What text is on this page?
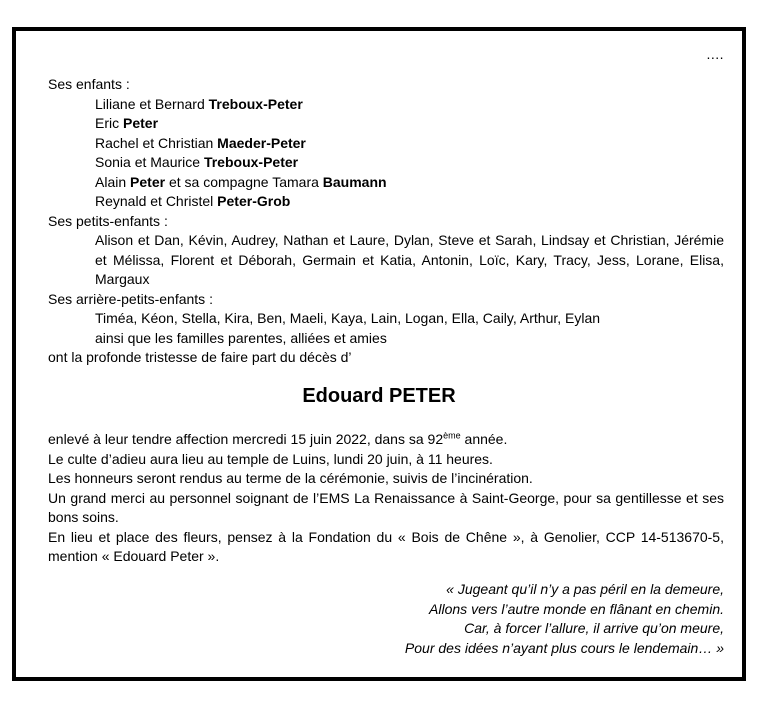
....
Ses enfants :
Liliane et Bernard Treboux-Peter
Eric Peter
Rachel et Christian Maeder-Peter
Sonia et Maurice Treboux-Peter
Alain Peter et sa compagne Tamara Baumann
Reynald et Christel Peter-Grob
Ses petits-enfants :
Alison et Dan, Kévin, Audrey, Nathan et Laure, Dylan, Steve et Sarah, Lindsay et Christian, Jérémie et Mélissa, Florent et Déborah, Germain et Katia, Antonin, Loïc, Kary, Tracy, Jess, Lorane, Elisa, Margaux
Ses arrière-petits-enfants :
Timéa, Kéon, Stella, Kira, Ben, Maeli, Kaya, Lain, Logan, Ella, Caily, Arthur, Eylan
ainsi que les familles parentes, alliées et amies
ont la profonde tristesse de faire part du décès d’
Edouard PETER
enlevé à leur tendre affection mercredi 15 juin 2022, dans sa 92ème année.
Le culte d’adieu aura lieu au temple de Luins, lundi 20 juin, à 11 heures.
Les honneurs seront rendus au terme de la cérémonie, suivis de l’incinération.
Un grand merci au personnel soignant de l’EMS La Renaissance à Saint-George, pour sa gentillesse et ses bons soins.
En lieu et place des fleurs, pensez à la Fondation du « Bois de Chêne », à Genolier, CCP 14-513670-5, mention « Edouard Peter ».
« Jugeant qu’il n’y a pas péril en la demeure,
Allons vers l’autre monde en flânant en chemin.
Car, à forcer l’allure, il arrive qu’on meure,
Pour des idées n’ayant plus cours le lendemain… »
